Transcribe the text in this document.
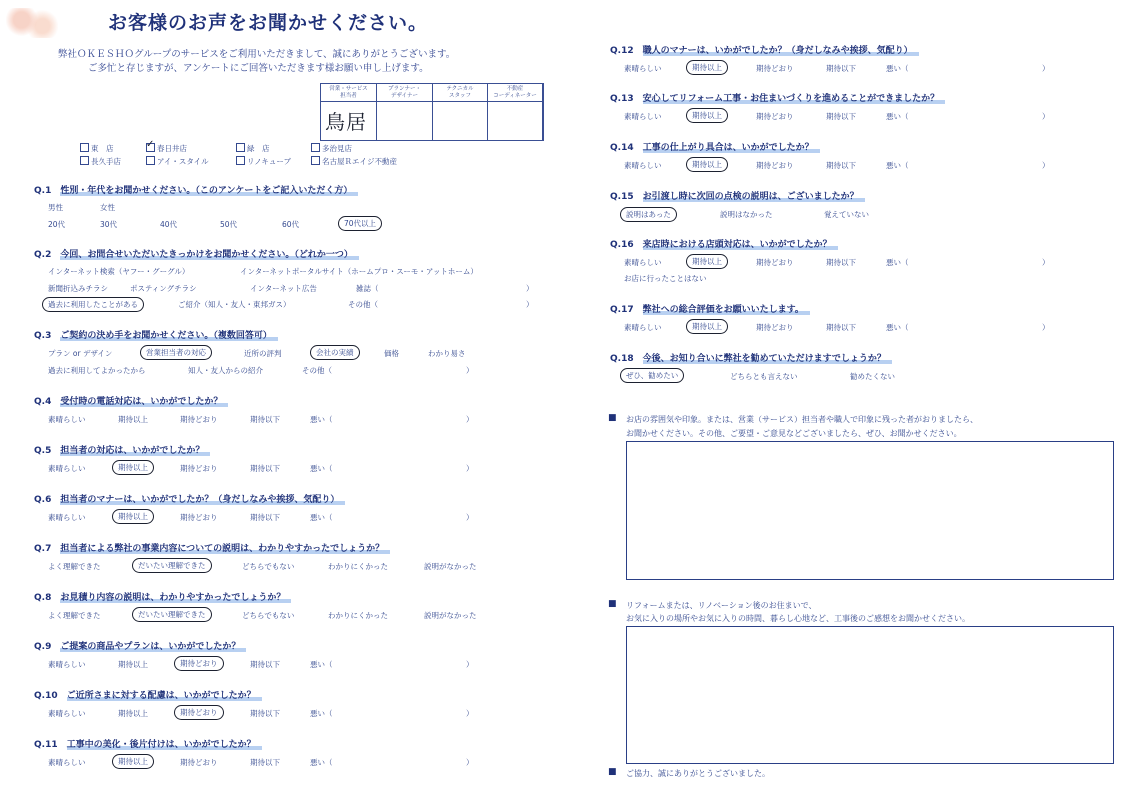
お客様のお声をお聞かせください。
弊社ＯＫＥＳＨＯグループのサービスをご利用いただきまして、誠にありがとうございます。
ご多忙と存じますが、アンケートにご回答いただきます様お願い申し上げます。
営業・サービス
担当者
鳥居
プランナー・
デザイナー
テクニカル
スタッフ
不動産
コーディネーター
東　店
✓	春日井店	緑　店	多治見店
長久手店	アイ・スタイル	リノキューブ	名古屋Ｒエイジ不動産
Q.1　 性別・年代をお聞かせください。（このアンケートをご記入いただく方）
男性	女性
20代	30代	40代	50代	60代	70代以上
Q.2　 今回、お問合せいただいたきっかけをお聞かせください。（どれか一つ）
インターネット検索（ヤフー・グーグル）	インターネットポータルサイト（ホームプロ・スーモ・アットホーム）
新聞折込みチラシ	ポスティングチラシ	インターネット広告	雑誌（	）
過去に利用したことがある	ご紹介（知人・友人・東邦ガス）	その他（	）
Q.3　 ご契約の決め手をお聞かせください。（複数回答可）
プラン or デザイン	営業担当者の対応	近所の評判	会社の実績	価格	わかり易さ
過去に利用してよかったから	知人・友人からの紹介	その他（	）
Q.4　 受付時の電話対応は、いかがでしたか？
素晴らしい	期待以上	期待どおり	期待以下	悪い（	）
Q.5　 担当者の対応は、いかがでしたか？
素晴らしい	期待以上	期待どおり	期待以下	悪い（	）
Q.6　 担当者のマナーは、いかがでしたか？（身だしなみや挨拶、気配り）
素晴らしい	期待以上	期待どおり	期待以下	悪い（	）
Q.9　 ご提案の商品やプランは、いかがでしたか？
素晴らしい	期待以上	期待どおり	期待以下	悪い（	）
Q.10　 ご近所さまに対する配慮は、いかがでしたか？
素晴らしい	期待以上	期待どおり	期待以下	悪い（	）
Q.11　 工事中の美化・後片付けは、いかがでしたか？
素晴らしい	期待以上	期待どおり	期待以下	悪い（	）
Q.12　 職人のマナーは、いかがでしたか？（身だしなみや挨拶、気配り）
素晴らしい	期待以上	期待どおり	期待以下	悪い（	）
Q.13　 安心してリフォーム工事・お住まいづくりを進めることができましたか？
素晴らしい	期待以上	期待どおり	期待以下	悪い（	）
Q.14　 工事の仕上がり具合は、いかがでしたか？
素晴らしい	期待以上	期待どおり	期待以下	悪い（	）
Q.16　 来店時における店頭対応は、いかがでしたか？
素晴らしい	期待以上	期待どおり	期待以下	悪い（	）
Q.17　 弊社への総合評価をお願いいたします。
素晴らしい	期待以上	期待どおり	期待以下	悪い（	）
Q.7　 担当者による弊社の事業内容についての説明は、わかりやすかったでしょうか？
よく理解できた	だいたい理解できた	どちらでもない	わかりにくかった	説明がなかった
Q.8　 お見積り内容の説明は、わかりやすかったでしょうか？
よく理解できた	だいたい理解できた	どちらでもない	わかりにくかった	説明がなかった
Q.15　 お引渡し時に次回の点検の説明は、ございましたか？
説明はあった	説明はなかった	覚えていない
お店に行ったことはない
Q.18　 今後、お知り合いに弊社を勧めていただけますでしょうか？
ぜひ、勧めたい	どちらとも言えない	勧めたくない
■ お店の雰囲気や印象。または、営業（サービス）担当者や職人で印象に残った者がおりましたら、
お聞かせください。その他、ご要望・ご意見などございましたら、ぜひ、お聞かせください。
■ リフォームまたは、リノベーション後のお住まいで、
お気に入りの場所やお気に入りの時間、暮らし心地など、工事後のご感想をお聞かせください。
■ ご協力、誠にありがとうございました。
